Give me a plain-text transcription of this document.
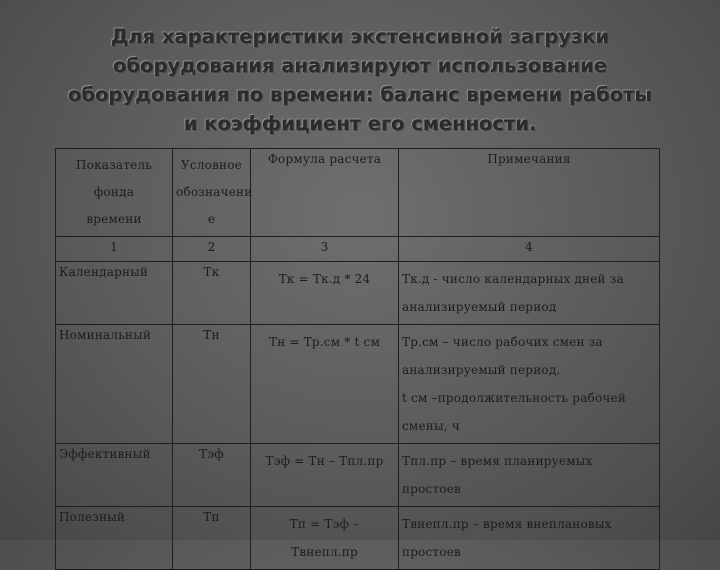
Для характеристики экстенсивной загрузки
оборудования анализируют использование
оборудования по времени: баланс времени работы
и коэффициент его сменности.
Показатель
фонда
времени	Условное
обозначени
е	Формула расчета	Примечания
1	2	3	4
Календарный	Тк	Тк = Тк.д * 24	Тк.д - число календарных дней за
анализируемый период

Номинальный	Тн	Тн = Тр.см * t см	Тр.см – число рабочих смен за
анализируемый период,
t см –продолжительность рабочей
смены, ч

Эффективный	Тэф	Тэф = Тн – Тпл.пр	Тпл.пр – время планируемых
простоев

Полезный	Тп	Тп = Тэф –
Твнепл.пр	Твнепл.пр – время внеплановых
простоев
